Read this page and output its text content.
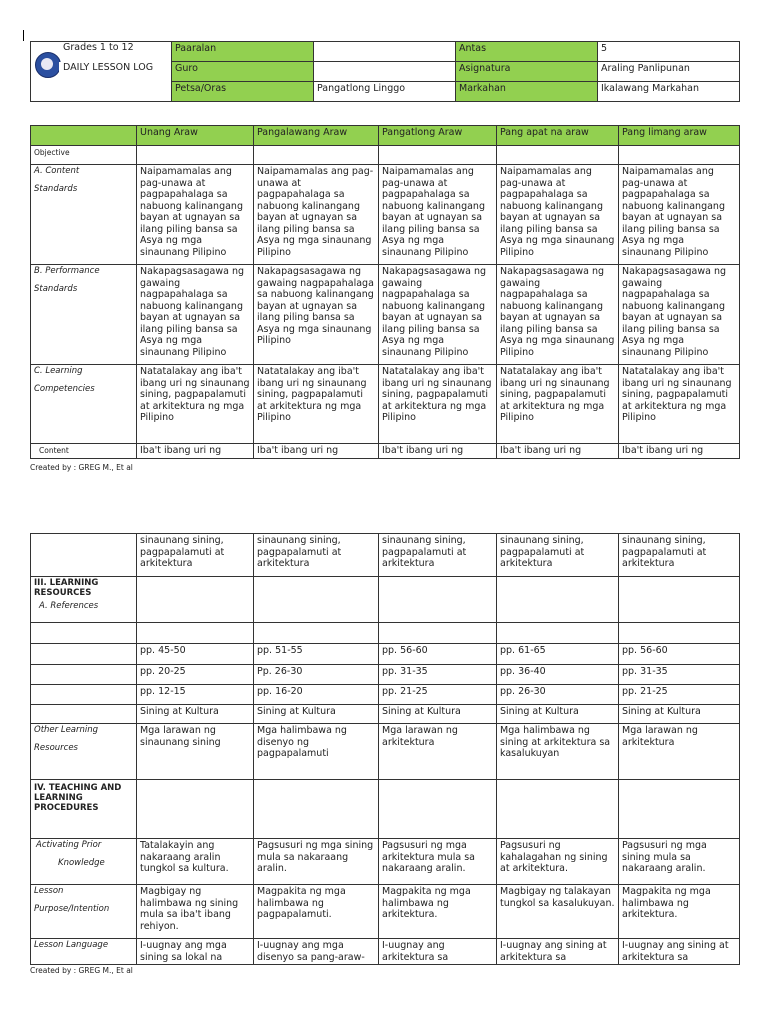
Grades 1 to 12
DAILY LESSON LOG	Paaralan		Antas	5
	Guro		Asignatura	Araling Panlipunan
	Petsa/Oras	Pangatlong Linggo	Markahan	Ikalawang Markahan
	Unang Araw	Pangalawang Araw	Pangatlong Araw	Pang apat na araw	Pang limang araw
Objective					

A. Content
Standards	Naipamamalas ang pag-unawa at pagpapahalaga sa nabuong kalinangang bayan at ugnayan sa ilang piling bansa sa Asya ng mga sinaunang Pilipino	Naipamamalas ang pag-unawa at pagpapahalaga sa nabuong kalinangang bayan at ugnayan sa ilang piling bansa sa Asya ng mga sinaunang Pilipino	Naipamamalas ang pag-unawa at pagpapahalaga sa nabuong kalinangang bayan at ugnayan sa ilang piling bansa sa Asya ng mga sinaunang Pilipino	Naipamamalas ang pag-unawa at pagpapahalaga sa nabuong kalinangang bayan at ugnayan sa ilang piling bansa sa Asya ng mga sinaunang Pilipino	Naipamamalas ang pag-unawa at pagpapahalaga sa nabuong kalinangang bayan at ugnayan sa ilang piling bansa sa Asya ng mga sinaunang Pilipino

B. Performance
Standards	Nakapagsasagawa ng gawaing nagpapahalaga sa nabuong kalinangang bayan at ugnayan sa ilang piling bansa sa Asya ng mga sinaunang Pilipino	Nakapagsasagawa ng gawaing nagpapahalaga sa nabuong kalinangang bayan at ugnayan sa ilang piling bansa sa Asya ng mga sinaunang Pilipino	Nakapagsasagawa ng gawaing nagpapahalaga sa nabuong kalinangang bayan at ugnayan sa ilang piling bansa sa Asya ng mga sinaunang Pilipino	Nakapagsasagawa ng gawaing nagpapahalaga sa nabuong kalinangang bayan at ugnayan sa ilang piling bansa sa Asya ng mga sinaunang Pilipino	Nakapagsasagawa ng gawaing nagpapahalaga sa nabuong kalinangang bayan at ugnayan sa ilang piling bansa sa Asya ng mga sinaunang Pilipino

C. Learning
Competencies	Natatalakay ang iba't ibang uri ng sinaunang sining, pagpapalamuti at arkitektura ng mga Pilipino	Natatalakay ang iba't ibang uri ng sinaunang sining, pagpapalamuti at arkitektura ng mga Pilipino	Natatalakay ang iba't ibang uri ng sinaunang sining, pagpapalamuti at arkitektura ng mga Pilipino	Natatalakay ang iba't ibang uri ng sinaunang sining, pagpapalamuti at arkitektura ng mga Pilipino	Natatalakay ang iba't ibang uri ng sinaunang sining, pagpapalamuti at arkitektura ng mga Pilipino
Content	Iba't ibang uri ng	Iba't ibang uri ng	Iba't ibang uri ng	Iba't ibang uri ng	Iba't ibang uri ng
Created by : GREG M., Et al
	sinaunang sining, pagpapalamuti at arkitektura	sinaunang sining, pagpapalamuti at arkitektura	sinaunang sining, pagpapalamuti at arkitektura	sinaunang sining, pagpapalamuti at arkitektura	sinaunang sining, pagpapalamuti at arkitektura

III. LEARNING RESOURCES
A. References					

	pp. 45-50	pp. 51-55	pp. 56-60	pp. 61-65	pp. 56-60
	pp. 20-25	Pp. 26-30	pp. 31-35	pp. 36-40	pp. 31-35
	pp. 12-15	pp. 16-20	pp. 21-25	pp. 26-30	pp. 21-25
	Sining at Kultura	Sining at Kultura	Sining at Kultura	Sining at Kultura	Sining at Kultura

Other Learning
Resources	Mga larawan ng sinaunang sining	Mga halimbawa ng disenyo ng pagpapalamuti	Mga larawan ng arkitektura	Mga halimbawa ng sining at arkitektura sa kasalukuyan	Mga larawan ng arkitektura
IV. TEACHING AND LEARNING PROCEDURES					

Activating Prior
Knowledge	Tatalakayin ang nakaraang aralin tungkol sa kultura.	Pagsusuri ng mga sining mula sa nakaraang aralin.	Pagsusuri ng mga arkitektura mula sa nakaraang aralin.	Pagsusuri ng kahalagahan ng sining at arkitektura.	Pagsusuri ng mga sining mula sa nakaraang aralin.

Lesson
Purpose/Intention	Magbigay ng halimbawa ng sining mula sa iba't ibang rehiyon.	Magpakita ng mga halimbawa ng pagpapalamuti.	Magpakita ng mga halimbawa ng arkitektura.	Magbigay ng talakayan tungkol sa kasalukuyan.	Magpakita ng mga halimbawa ng arkitektura.
Lesson Language	I-uugnay ang mga sining sa lokal na	I-uugnay ang mga disenyo sa pang-araw-	I-uugnay ang arkitektura sa	I-uugnay ang sining at arkitektura sa	I-uugnay ang sining at arkitektura sa
Created by : GREG M., Et al
